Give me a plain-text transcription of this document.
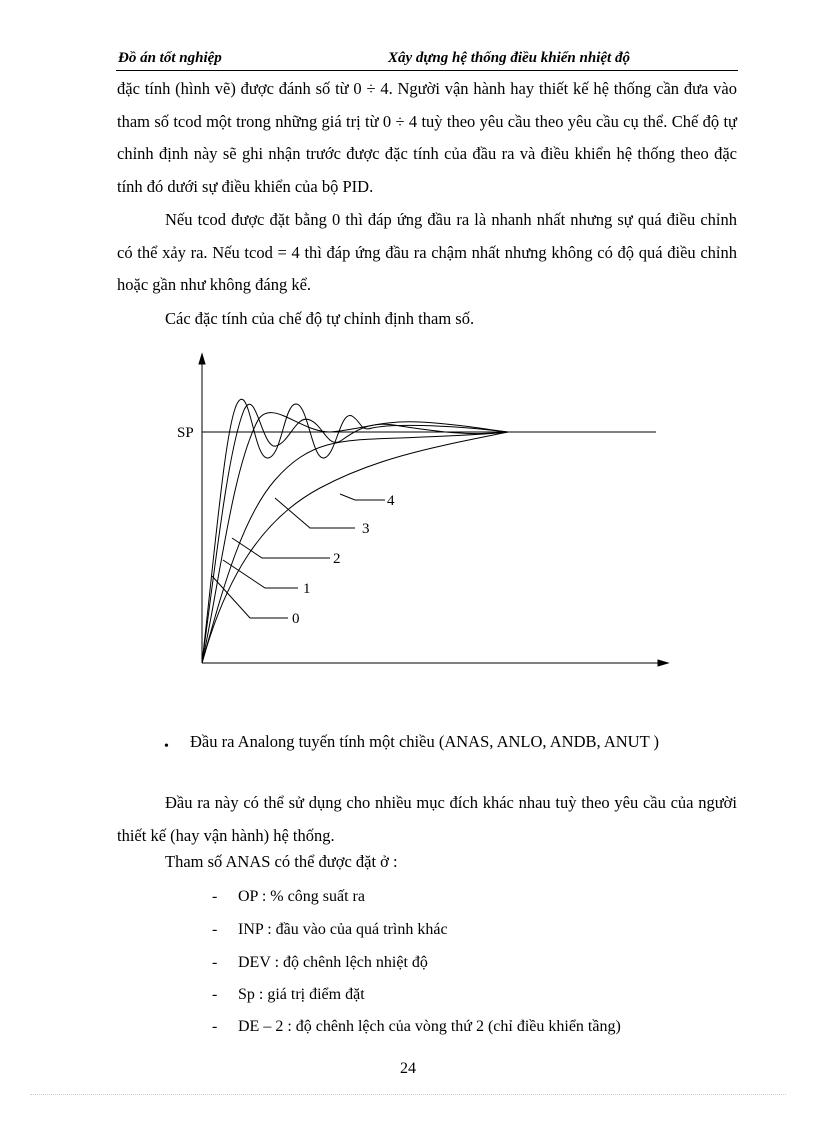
Đồ án tốt nghiệp	Xây dựng hệ thống điều khiển nhiệt độ

đặc tính (hình vẽ) được đánh số từ 0 ÷ 4. Người vận hành hay thiết kế hệ thống cần đưa vào tham số tcod một trong những giá trị từ 0 ÷ 4 tuỳ theo yêu cầu theo yêu cầu cụ thể. Chế độ tự chỉnh định này sẽ ghi nhận trước được đặc tính của đầu ra và điều khiển hệ thống theo đặc tính đó dưới sự điều khiển của bộ PID.

Nếu tcod được đặt bằng 0 thì đáp ứng đầu ra là nhanh nhất nhưng sự quá điều chỉnh có thể xảy ra. Nếu tcod = 4 thì đáp ứng đầu ra chậm nhất nhưng không có độ quá điều chỉnh hoặc gần như không đáng kể.

Các đặc tính của chế độ tự chỉnh định tham số.

SP
4
3
2
1
0
• Đầu ra Analong tuyến tính một chiều (ANAS, ANLO, ANDB, ANUT )

Đầu ra này có thể sử dụng cho nhiều mục đích khác nhau tuỳ theo yêu cầu của người thiết kế (hay vận hành) hệ thống.

Tham số ANAS có thể được đặt ở :

-OP : % công suất ra
- INP : đầu vào của quá trình khác
- DEV : độ chênh lệch nhiệt độ
- Sp : giá trị điểm đặt
- DE – 2 : độ chênh lệch của vòng thứ 2 (chỉ điều khiển tầng)
24
